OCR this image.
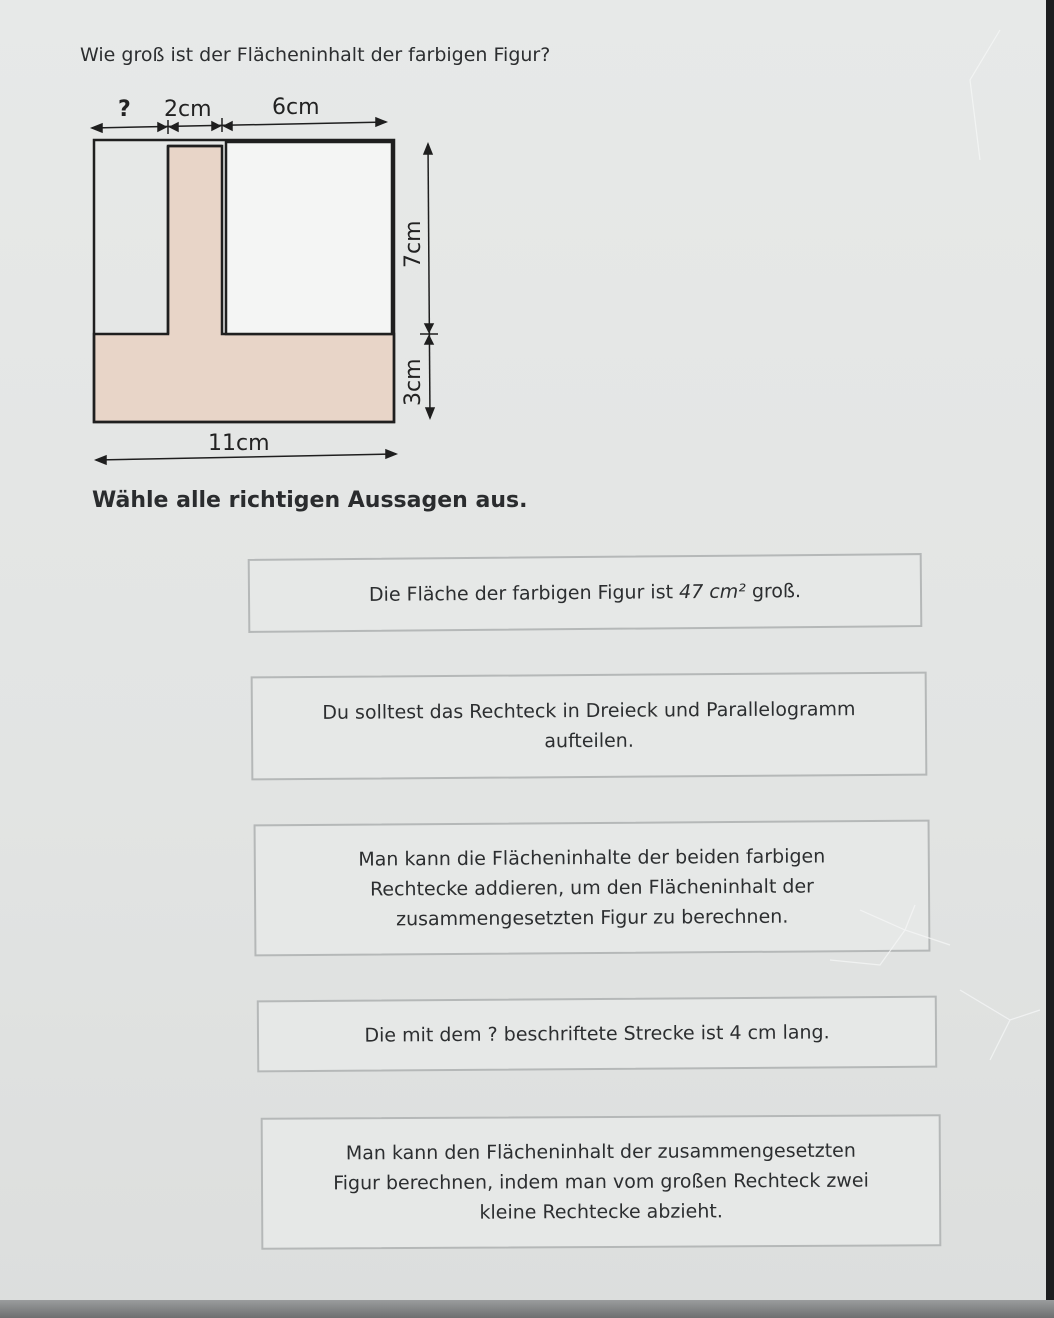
Wie groß ist der Flächeninhalt der farbigen Figur?
? 2cm	6cm
7cm
3cm
11cm
Wähle alle richtigen Aussagen aus.
Die Fläche der farbigen Figur ist 47 cm² groß.
Du solltest das Rechteck in Dreieck und Parallelogramm
aufteilen.
Man kann die Flächeninhalte der beiden farbigen
Rechtecke addieren, um den Flächeninhalt der
zusammengesetzten Figur zu berechnen.
Die mit dem ? beschriftete Strecke ist 4 cm lang.
Man kann den Flächeninhalt der zusammengesetzten
Figur berechnen, indem man vom großen Rechteck zwei
kleine Rechtecke abzieht.
